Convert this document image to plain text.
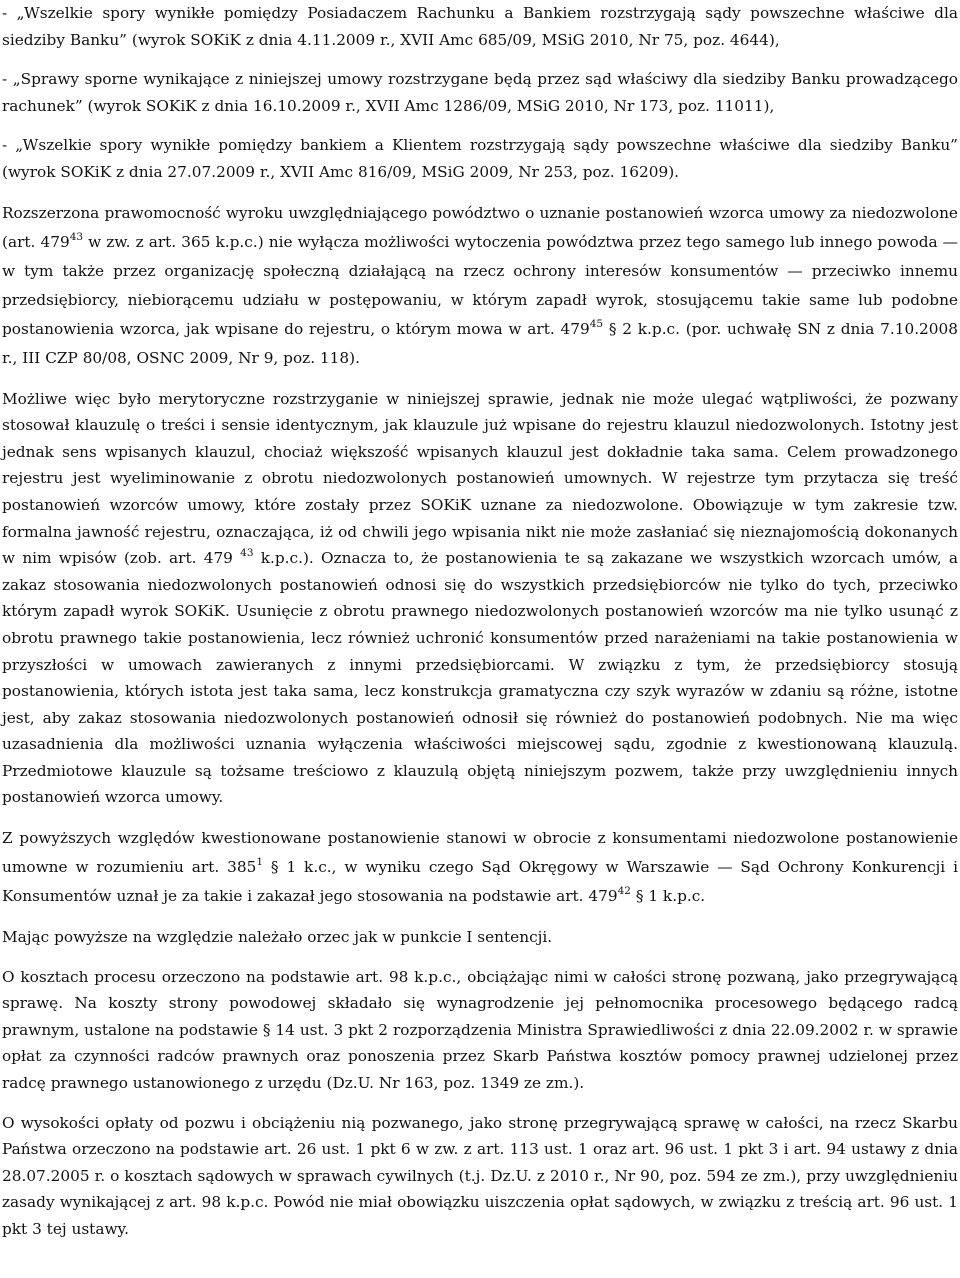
- „Wszelkie spory wynikłe pomiędzy Posiadaczem Rachunku a Bankiem rozstrzygają sądy powszechne właściwe dla siedziby Banku” (wyrok SOKiK z dnia 4.11.2009 r., XVII Amc 685/09, MSiG 2010, Nr 75, poz. 4644),
- „Sprawy sporne wynikające z niniejszej umowy rozstrzygane będą przez sąd właściwy dla siedziby Banku prowadzącego rachunek” (wyrok SOKiK z dnia 16.10.2009 r., XVII Amc 1286/09, MSiG 2010, Nr 173, poz. 11011),
- „Wszelkie spory wynikłe pomiędzy bankiem a Klientem rozstrzygają sądy powszechne właściwe dla siedziby Banku” (wyrok SOKiK z dnia 27.07.2009 r., XVII Amc 816/09, MSiG 2009, Nr 253, poz. 16209).
Rozszerzona prawomocność wyroku uwzględniającego powództwo o uznanie postanowień wzorca umowy za niedozwolone (art. $479^{43}$ w zw. z art. 365 k.p.c.) nie wyłącza możliwości wytoczenia powództwa przez tego samego lub innego powoda — w tym także przez organizację społeczną działającą na rzecz ochrony interesów konsumentów — przeciwko innemu przedsiębiorcy, niebiorącemu udziału w postępowaniu, w którym zapadł wyrok, stosującemu takie same lub podobne postanowienia wzorca, jak wpisane do rejestru, o którym mowa w art. $479^{45}$ § 2 k.p.c. (por. uchwałę SN z dnia 7.10.2008 r., III CZP 80/08, OSNC 2009, Nr 9, poz. 118).
Możliwe więc było merytoryczne rozstrzyganie w niniejszej sprawie, jednak nie może ulegać wątpliwości, że pozwany stosował klauzulę o treści i sensie identycznym, jak klauzule już wpisane do rejestru klauzul niedozwolonych. Istotny jest jednak sens wpisanych klauzul, chociaż większość wpisanych klauzul jest dokładnie taka sama. Celem prowadzonego rejestru jest wyeliminowanie z obrotu niedozwolonych postanowień umownych. W rejestrze tym przytacza się treść postanowień wzorców umowy, które zostały przez SOKiK uznane za niedozwolone. Obowiązuje w tym zakresie tzw. formalna jawność rejestru, oznaczająca, iż od chwili jego wpisania nikt nie może zasłaniać się nieznajomością dokonanych w nim wpisów (zob. art. 479 $^{43}$ k.p.c.). Oznacza to, że postanowienia te są zakazane we wszystkich wzorcach umów, a zakaz stosowania niedozwolonych postanowień odnosi się do wszystkich przedsiębiorców nie tylko do tych, przeciwko którym zapadł wyrok SOKiK. Usunięcie z obrotu prawnego niedozwolonych postanowień wzorców ma nie tylko usunąć z obrotu prawnego takie postanowienia, lecz również uchronić konsumentów przed narażeniami na takie postanowienia w przyszłości w umowach zawieranych z innymi przedsiębiorcami. W związku z tym, że przedsiębiorcy stosują postanowienia, których istota jest taka sama, lecz konstrukcja gramatyczna czy szyk wyrazów w zdaniu są różne, istotne jest, aby zakaz stosowania niedozwolonych postanowień odnosił się również do postanowień podobnych. Nie ma więc uzasadnienia dla możliwości uznania wyłączenia właściwości miejscowej sądu, zgodnie z kwestionowaną klauzulą. Przedmiotowe klauzule są tożsame treściowo z klauzulą objętą niniejszym pozwem, także przy uwzględnieniu innych postanowień wzorca umowy.
Z powyższych względów kwestionowane postanowienie stanowi w obrocie z konsumentami niedozwolone postanowienie umowne w rozumieniu art. $385^1$ § 1 k.c., w wyniku czego Sąd Okręgowy w Warszawie — Sąd Ochrony Konkurencji i Konsumentów uznał je za takie i zakazał jego stosowania na podstawie art. $479^{42}$ § 1 k.p.c.
Mając powyższe na względzie należało orzec jak w punkcie I sentencji.
O kosztach procesu orzeczono na podstawie art. 98 k.p.c., obciążając nimi w całości stronę pozwaną, jako przegrywającą sprawę. Na koszty strony powodowej składało się wynagrodzenie jej pełnomocnika procesowego będącego radcą prawnym, ustalone na podstawie § 14 ust. 3 pkt 2 rozporządzenia Ministra Sprawiedliwości z dnia 22.09.2002 r. w sprawie opłat za czynności radców prawnych oraz ponoszenia przez Skarb Państwa kosztów pomocy prawnej udzielonej przez radcę prawnego ustanowionego z urzędu (Dz.U. Nr 163, poz. 1349 ze zm.).
O wysokości opłaty od pozwu i obciążeniu nią pozwanego, jako stronę przegrywającą sprawę w całości, na rzecz Skarbu Państwa orzeczono na podstawie art. 26 ust. 1 pkt 6 w zw. z art. 113 ust. 1 oraz art. 96 ust. 1 pkt 3 i art. 94 ustawy z dnia 28.07.2005 r. o kosztach sądowych w sprawach cywilnych (t.j. Dz.U. z 2010 r., Nr 90, poz. 594 ze zm.), przy uwzględnieniu zasady wynikającej z art. 98 k.p.c. Powód nie miał obowiązku uiszczenia opłat sądowych, w związku z treścią art. 96 ust. 1 pkt 3 tej ustawy.
